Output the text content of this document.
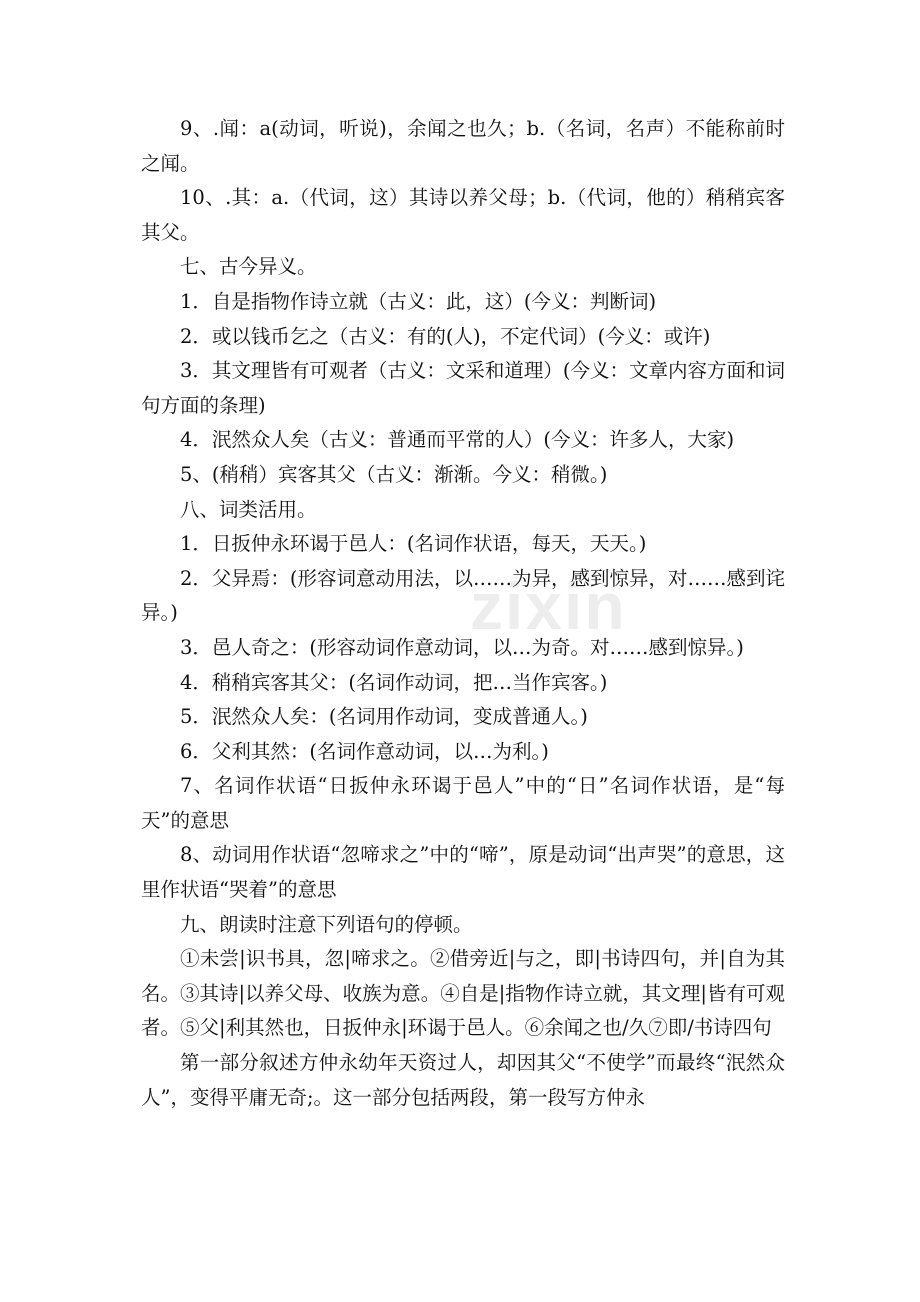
zixin

9、.闻：a(动词，听说)，余闻之也久；b.（名词，名声）不能称前时之闻。

10、.其：a.（代词，这）其诗以养父母；b.（代词，他的）稍稍宾客其父。

七、古今异义。

1．自是指物作诗立就（古义：此，这）(今义：判断词)

2．或以钱币乞之（古义：有的(人)，不定代词）(今义：或许)

3．其文理皆有可观者（古义：文采和道理）(今义：文章内容方面和词句方面的条理)

4．泯然众人矣（古义：普通而平常的人）(今义：许多人，大家)

5、(稍稍）宾客其父（古义：渐渐。今义：稍微。)

八、词类活用。

1．日扳仲永环谒于邑人：(名词作状语，每天，天天。)

2．父异焉：(形容词意动用法，以……为异，感到惊异，对……感到诧异。)

3．邑人奇之：(形容动词作意动词，以…为奇。对……感到惊异。)

4．稍稍宾客其父：(名词作动词，把…当作宾客。)

5．泯然众人矣：(名词用作动词，变成普通人。)

6．父利其然：(名词作意动词，以…为利。)

7、名词作状语“日扳仲永环谒于邑人”中的“日”名词作状语，是“每天”的意思

8、动词用作状语“忽啼求之”中的“啼”，原是动词“出声哭”的意思，这里作状语“哭着”的意思

九、朗读时注意下列语句的停顿。

①未尝|识书具，忽|啼求之。②借旁近|与之，即|书诗四句，并|自为其名。③其诗|以养父母、收族为意。④自是|指物作诗立就，其文理|皆有可观者。⑤父|利其然也，日扳仲永|环谒于邑人。⑥余闻之也/久⑦即/书诗四句

第一部分叙述方仲永幼年天资过人，却因其父“不使学”而最终“泯然众人”，变得平庸无奇;。这一部分包括两段，第一段写方仲永
